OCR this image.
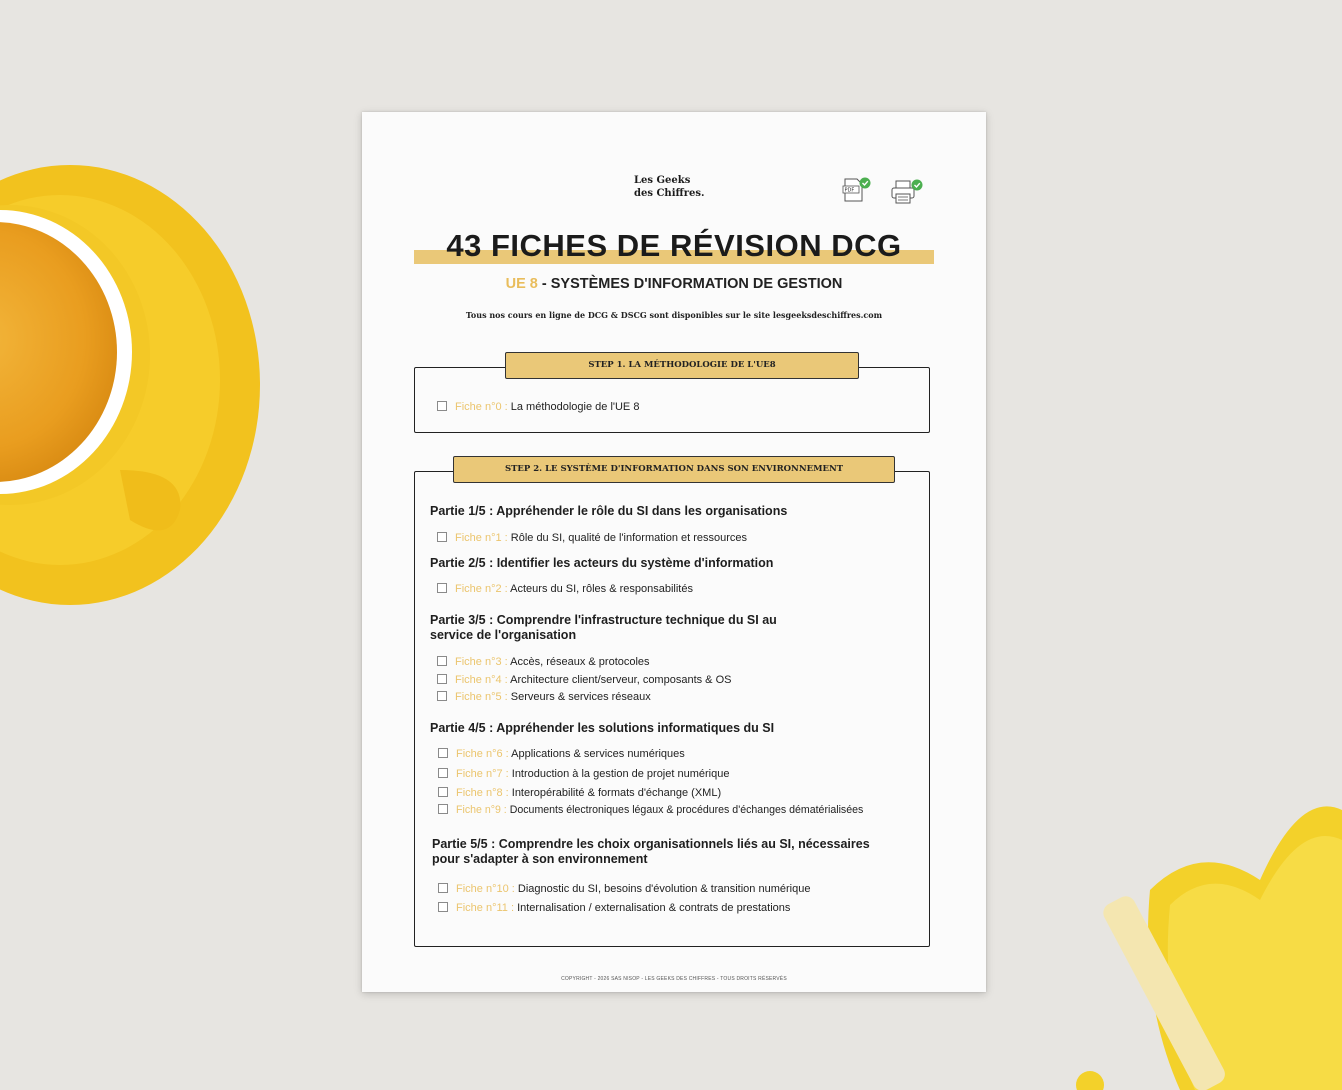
Les Geeks
des Chiffres.	PDF
43 FICHES DE RÉVISION DCG
UE 8 - SYSTÈMES D'INFORMATION DE GESTION
Tous nos cours en ligne de DCG & DSCG sont disponibles sur le site lesgeeksdeschiffres.com
STEP 1. LA MÉTHODOLOGIE DE L'UE8
Fiche n°0 : La méthodologie de l'UE 8
STEP 2. LE SYSTÈME D'INFORMATION DANS SON ENVIRONNEMENT
Partie 1/5 : Appréhender le rôle du SI dans les organisations
Fiche n°1 : Rôle du SI, qualité de l'information et ressources
Partie 2/5 : Identifier les acteurs du système d'information
Fiche n°2 : Acteurs du SI, rôles & responsabilités
Partie 3/5 : Comprendre l'infrastructure technique du SI au
service de l'organisation
Fiche n°3 : Accès, réseaux & protocoles
Fiche n°4 : Architecture client/serveur, composants & OS
Fiche n°5 : Serveurs & services réseaux
Partie 4/5 : Appréhender les solutions informatiques du SI
Fiche n°6 : Applications & services numériques
Fiche n°7 : Introduction à la gestion de projet numérique
Fiche n°8 : Interopérabilité & formats d'échange (XML)
Fiche n°9 : Documents électroniques légaux & procédures d'échanges dématérialisées
Partie 5/5 : Comprendre les choix organisationnels liés au SI, nécessaires
pour s'adapter à son environnement
Fiche n°10 : Diagnostic du SI, besoins d'évolution & transition numérique
Fiche n°11 : Internalisation / externalisation & contrats de prestations
COPYRIGHT - 2026 SAS NISOP - LES GEEKS DES CHIFFRES - TOUS DROITS RÉSERVÉS
